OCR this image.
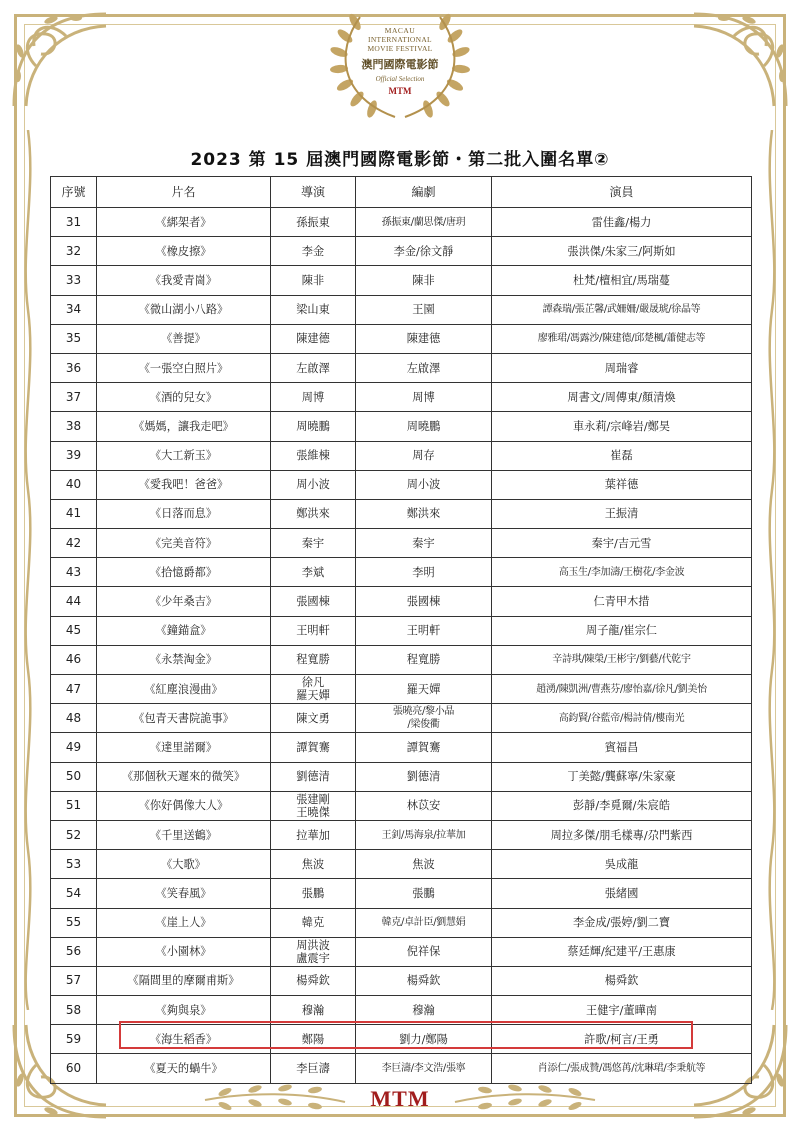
MACAU
INTERNATIONAL
MOVIE FESTIVAL
澳門國際電影節
Official Selection
MTM
2023 第 15 屆澳門國際電影節・第二批入圍名單②
序號	片名	導演	編劇	演員
31	《綁架者》	孫振東	孫振東/蘭思傑/唐玥	雷佳鑫/楊力
32	《橡皮擦》	李金	李金/徐文靜	張洪傑/朱家三/阿斯如
33	《我愛青崗》	陳非	陳非	杜梵/檀相宜/馬瑞蔓
34	《微山湖小八路》	梁山東	王園	譚森瑞/張芷馨/武姍姍/嚴晟琥/徐晶等
35	《善提》	陳建德	陳建德	廖雅珺/馮露沙/陳建德/邱楚楓/蕭健志等
36	《一張空白照片》	左啟澤	左啟澤	周瑞睿
37	《酒的兒女》	周博	周博	周書文/周傳東/顏清煥
38	《媽媽，讓我走吧》	周曉鵬	周曉鵬	車永莉/宗峰岩/鄭昊
39	《大工新玉》	張維棟	周存	崔磊
40	《愛我吧！爸爸》	周小波	周小波	葉祥德
41	《日落而息》	鄭洪來	鄭洪來	王振清
42	《完美音符》	秦宇	秦宇	秦宇/吉元雪
43	《拾憶爵都》	李斌	李明	高玉生/李加濤/王樹花/李金波
44	《少年桑吉》	張國棟	張國棟	仁青甲木措
45	《鐘錨盒》	王明軒	王明軒	周子龍/崔宗仁
46	《永禁淘金》	程寬勝	程寬勝	辛詩琪/陳榮/王彬宇/劉藝/代乾宇
47	《紅塵浪漫曲》	徐凡
羅天嬋	羅天嬋	趙湧/陳凱洲/曹燕芬/廖怡嘉/徐凡/劉美怡
48	《包青天書院詭事》	陳文勇	張曉亮/黎小晶
/梁俊衢	高鈞賢/谷藍帝/楊詩倩/樓南光
49	《達里諾爾》	譚賀騫	譚賀騫	賓福昌
50	《那個秋天遲來的微笑》	劉德清	劉德清	丁美懿/龔蘇寧/朱家豪
51	《你好偶像大人》	張建剛
王曉傑	林苡安	彭靜/李覓爾/朱宸皓
52	《千里送鶴》	拉華加	王釗/馬海泉/拉華加	周拉多傑/朋毛樣專/尕門紫西
53	《大歌》	焦波	焦波	吳成龍
54	《笑春風》	張鵬	張鵬	張緒國
55	《崖上人》	韓克	韓克/卓計臣/劉慧娟	李金成/張婷/劉二寶
56	《小園林》	周洪波
盧震宇	倪祥保	蔡廷輝/紀建平/王惠康
57	《隔間里的摩爾甫斯》	楊舜欽	楊舜欽	楊舜欽
58	《夠與泉》	穆瀚	穆瀚	王健宇/董曄南
59	《海生稻香》	鄭陽	劉力/鄭陽	許歌/柯言/王勇
60	《夏天的蝸牛》	李巨濤	李巨濤/李文浩/張寧	肖添仁/張成贊/馮悠苒/沈琳珺/李秉航等
MTM
